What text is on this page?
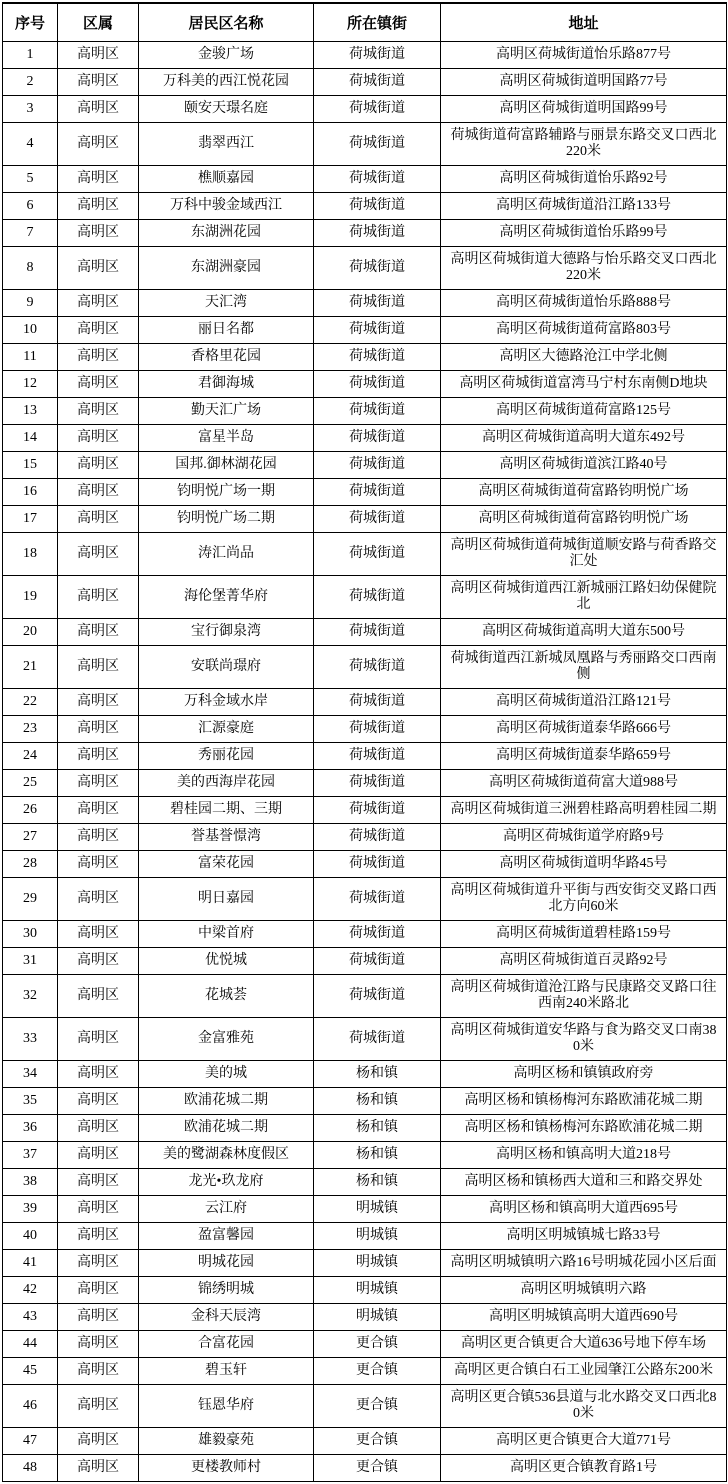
序号	区属	居民区名称	所在镇街	地址
1	高明区	金骏广场	荷城街道	高明区荷城街道怡乐路877号
2	高明区	万科美的西江悦花园	荷城街道	高明区荷城街道明国路77号
3	高明区	颐安天璟名庭	荷城街道	高明区荷城街道明国路99号
4	高明区	翡翠西江	荷城街道	荷城街道荷富路辅路与丽景东路交叉口西北220米
5	高明区	樵顺嘉园	荷城街道	高明区荷城街道怡乐路92号
6	高明区	万科中骏金域西江	荷城街道	高明区荷城街道沿江路133号
7	高明区	东湖洲花园	荷城街道	高明区荷城街道怡乐路99号
8	高明区	东湖洲豪园	荷城街道	高明区荷城街道大德路与怡乐路交叉口西北220米
9	高明区	天汇湾	荷城街道	高明区荷城街道怡乐路888号
10	高明区	丽日名都	荷城街道	高明区荷城街道荷富路803号
11	高明区	香格里花园	荷城街道	高明区大德路沧江中学北侧
12	高明区	君御海城	荷城街道	高明区荷城街道富湾马宁村东南侧D地块
13	高明区	勤天汇广场	荷城街道	高明区荷城街道荷富路125号
14	高明区	富星半岛	荷城街道	高明区荷城街道高明大道东492号
15	高明区	国邦.御林湖花园	荷城街道	高明区荷城街道滨江路40号
16	高明区	钧明悦广场一期	荷城街道	高明区荷城街道荷富路钧明悦广场
17	高明区	钧明悦广场二期	荷城街道	高明区荷城街道荷富路钧明悦广场
18	高明区	涛汇尚品	荷城街道	高明区荷城街道荷城街道顺安路与荷香路交汇处
19	高明区	海伦堡菁华府	荷城街道	高明区荷城街道西江新城丽江路妇幼保健院北
20	高明区	宝行御泉湾	荷城街道	高明区荷城街道高明大道东500号
21	高明区	安联尚璟府	荷城街道	荷城街道西江新城凤凰路与秀丽路交口西南侧
22	高明区	万科金域水岸	荷城街道	高明区荷城街道沿江路121号
23	高明区	汇源豪庭	荷城街道	高明区荷城街道泰华路666号
24	高明区	秀丽花园	荷城街道	高明区荷城街道泰华路659号
25	高明区	美的西海岸花园	荷城街道	高明区荷城街道荷富大道988号
26	高明区	碧桂园二期、三期	荷城街道	高明区荷城街道三洲碧桂路高明碧桂园二期
27	高明区	誉基誉憬湾	荷城街道	高明区荷城街道学府路9号
28	高明区	富荣花园	荷城街道	高明区荷城街道明华路45号
29	高明区	明日嘉园	荷城街道	高明区荷城街道升平街与西安街交叉路口西北方向60米
30	高明区	中梁首府	荷城街道	高明区荷城街道碧桂路159号
31	高明区	优悦城	荷城街道	高明区荷城街道百灵路92号
32	高明区	花城荟	荷城街道	高明区荷城街道沧江路与民康路交叉路口往西南240米路北
33	高明区	金富雅苑	荷城街道	高明区荷城街道安华路与食为路交叉口南380米
34	高明区	美的城	杨和镇	高明区杨和镇镇政府旁
35	高明区	欧浦花城二期	杨和镇	高明区杨和镇杨梅河东路欧浦花城二期
36	高明区	欧浦花城二期	杨和镇	高明区杨和镇杨梅河东路欧浦花城二期
37	高明区	美的鹭湖森林度假区	杨和镇	高明区杨和镇高明大道218号
38	高明区	龙光•玖龙府	杨和镇	高明区杨和镇杨西大道和三和路交界处
39	高明区	云江府	明城镇	高明区杨和镇高明大道西695号
40	高明区	盈富馨园	明城镇	高明区明城镇城七路33号
41	高明区	明城花园	明城镇	高明区明城镇明六路16号明城花园小区后面
42	高明区	锦绣明城	明城镇	高明区明城镇明六路
43	高明区	金科天辰湾	明城镇	高明区明城镇高明大道西690号
44	高明区	合富花园	更合镇	高明区更合镇更合大道636号地下停车场
45	高明区	碧玉轩	更合镇	高明区更合镇白石工业园肇江公路东200米
46	高明区	钰恩华府	更合镇	高明区更合镇536县道与北水路交叉口西北80米
47	高明区	雄毅豪苑	更合镇	高明区更合镇更合大道771号
48	高明区	更楼教师村	更合镇	高明区更合镇教育路1号
